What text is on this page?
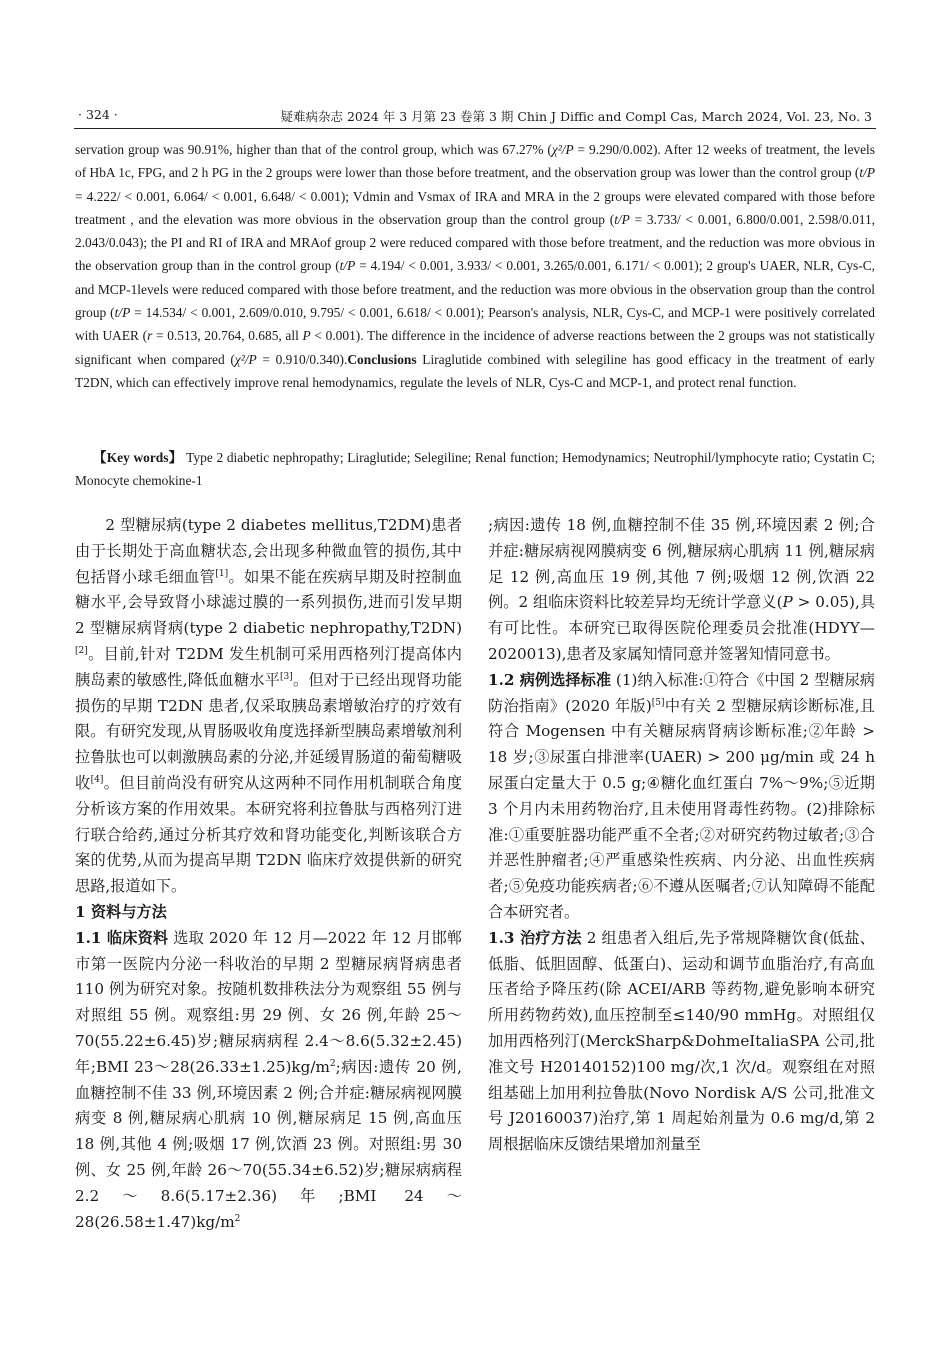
· 324 ·	疑难病杂志 2024 年 3 月第 23 卷第 3 期 Chin J Diffic and Compl Cas, March 2024, Vol. 23, No. 3
servation group was 90.91%, higher than that of the control group, which was 67.27% (χ²/P = 9.290/0.002). After 12 weeks of treatment, the levels of HbA 1c, FPG, and 2 h PG in the 2 groups were lower than those before treatment, and the observation group was lower than the control group (t/P = 4.222/ < 0.001, 6.064/ < 0.001, 6.648/ < 0.001); Vdmin and Vsmax of IRA and MRA in the 2 groups were elevated compared with those before treatment , and the elevation was more obvious in the observation group than the control group (t/P = 3.733/ < 0.001, 6.800/0.001, 2.598/0.011, 2.043/0.043); the PI and RI of IRA and MRAof group 2 were reduced compared with those before treatment, and the reduction was more obvious in the observation group than in the control group (t/P = 4.194/ < 0.001, 3.933/ < 0.001, 3.265/0.001, 6.171/ < 0.001); 2 group's UAER, NLR, Cys-C, and MCP-1levels were reduced compared with those before treatment, and the reduction was more obvious in the observation group than the control group (t/P = 14.534/ < 0.001, 2.609/0.010, 9.795/ < 0.001, 6.618/ < 0.001); Pearson's analysis, NLR, Cys-C, and MCP-1 were positively correlated with UAER (r = 0.513, 20.764, 0.685, all P < 0.001). The difference in the incidence of adverse reactions between the 2 groups was not statistically significant when compared (χ²/P = 0.910/0.340).Conclusions Liraglutide combined with selegiline has good efficacy in the treatment of early T2DN, which can effectively improve renal hemodynamics, regulate the levels of NLR, Cys-C and MCP-1, and protect renal function.
【Key words】 Type 2 diabetic nephropathy; Liraglutide; Selegiline; Renal function; Hemodynamics; Neutrophil/lymphocyte ratio; Cystatin C; Monocyte chemokine-1

2 型糖尿病(type 2 diabetes mellitus,T2DM)患者由于长期处于高血糖状态,会出现多种微血管的损伤,其中包括肾小球毛细血管[1]。如果不能在疾病早期及时控制血糖水平,会导致肾小球滤过膜的一系列损伤,进而引发早期 2 型糖尿病肾病(type 2 diabetic nephropathy,T2DN)[2]。目前,针对 T2DM 发生机制可采用西格列汀提高体内胰岛素的敏感性,降低血糖水平[3]。但对于已经出现肾功能损伤的早期 T2DN 患者,仅采取胰岛素增敏治疗的疗效有限。有研究发现,从胃肠吸收角度选择新型胰岛素增敏剂利拉鲁肽也可以刺激胰岛素的分泌,并延缓胃肠道的葡萄糖吸收[4]。但目前尚没有研究从这两种不同作用机制联合角度分析该方案的作用效果。本研究将利拉鲁肽与西格列汀进行联合给药,通过分析其疗效和肾功能变化,判断该联合方案的优势,从而为提高早期 T2DN 临床疗效提供新的研究思路,报道如下。

1 资料与方法

1.1 临床资料 选取 2020 年 12 月—2022 年 12 月邯郸市第一医院内分泌一科收治的早期 2 型糖尿病肾病患者 110 例为研究对象。按随机数排秩法分为观察组 55 例与对照组 55 例。观察组:男 29 例、女 26 例,年龄 25～70(55.22±6.45)岁;糖尿病病程 2.4～8.6(5.32±2.45)年;BMI $23\sim 28(26.33\pm 1.25)kg/m^2$;病因:遗传 20 例,血糖控制不佳 33 例,环境因素 2 例;合并症:糖尿病视网膜病变 8 例,糖尿病心肌病 10 例,糖尿病足 15 例,高血压 18 例,其他 4 例;吸烟 17 例,饮酒 23 例。对照组:男 30 例、女 25 例,年龄 26～70(55.34±6.52)岁;糖尿病病程 2.2～8.6(5.17±2.36)年;BMI $24\sim 28(26.58\pm 1.47)kg/m^2$

;病因:遗传 18 例,血糖控制不佳 35 例,环境因素 2 例;合并症:糖尿病视网膜病变 6 例,糖尿病心肌病 11 例,糖尿病足 12 例,高血压 19 例,其他 7 例;吸烟 12 例,饮酒 22 例。2 组临床资料比较差异均无统计学意义(P > 0.05),具有可比性。本研究已取得医院伦理委员会批准(HDYY—2020013),患者及家属知情同意并签署知情同意书。

1.2 病例选择标准 (1)纳入标准:①符合《中国 2 型糖尿病防治指南》(2020 年版)[5]中有关 2 型糖尿病诊断标准,且符合 Mogensen 中有关糖尿病肾病诊断标准;②年龄 > 18 岁;③尿蛋白排泄率(UAER) > 200 μg/min 或 24 h 尿蛋白定量大于 0.5 g;④糖化血红蛋白 7%～9%;⑤近期 3 个月内未用药物治疗,且未使用肾毒性药物。(2)排除标准:①重要脏器功能严重不全者;②对研究药物过敏者;③合并恶性肿瘤者;④严重感染性疾病、内分泌、出血性疾病者;⑤免疫功能疾病者;⑥不遵从医嘱者;⑦认知障碍不能配合本研究者。

1.3 治疗方法 2 组患者入组后,先予常规降糖饮食(低盐、低脂、低胆固醇、低蛋白)、运动和调节血脂治疗,有高血压者给予降压药(除 ACEI/ARB 等药物,避免影响本研究所用药物药效),血压控制至≤140/90 mmHg。对照组仅加用西格列汀(MerckSharp&DohmeItaliaSPA 公司,批准文号 H20140152)100 mg/次,1 次/d。观察组在对照组基础上加用利拉鲁肽(Novo Nordisk A/S 公司,批准文号 J20160037)治疗,第 1 周起始剂量为 0.6 mg/d,第 2 周根据临床反馈结果增加剂量至
